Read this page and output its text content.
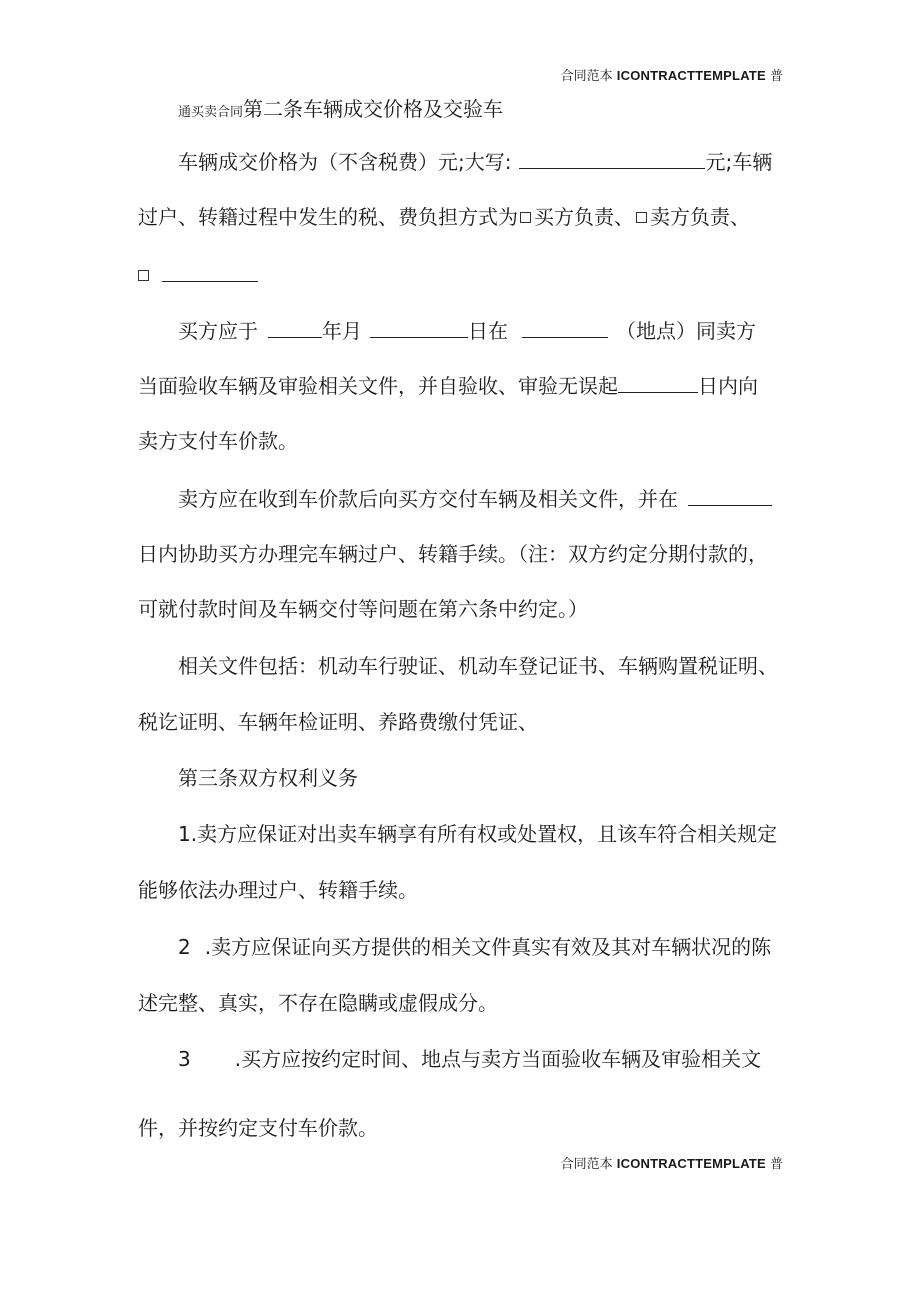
合同范本 ICONTRACTTEMPLATE 普
通买卖合同第二条车辆成交价格及交验车
车辆成交价格为（不含税费）元;大写:	元;车辆
过户、转籍过程中发生的税、费负担方式为 买方负责、 卖方负责、
买方应于	年月	日在	（地点）同卖方
当面验收车辆及审验相关文件，并自验收、审验无误起	日内向
卖方支付车价款。
卖方应在收到车价款后向买方交付车辆及相关文件，并在
日内协助买方办理完车辆过户、转籍手续。（注：双方约定分期付款的，
可就付款时间及车辆交付等问题在第六条中约定。）
相关文件包括：机动车行驶证、机动车登记证书、车辆购置税证明、
税讫证明、车辆年检证明、养路费缴付凭证、
第三条双方权利义务
1.卖方应保证对出卖车辆享有所有权或处置权，且该车符合相关规定
能够依法办理过户、转籍手续。
2 .卖方应保证向买方提供的相关文件真实有效及其对车辆状况的陈
述完整、真实，不存在隐瞒或虚假成分。
3 .买方应按约定时间、地点与卖方当面验收车辆及审验相关文
件，并按约定支付车价款。
合同范本 ICONTRACTTEMPLATE 普
